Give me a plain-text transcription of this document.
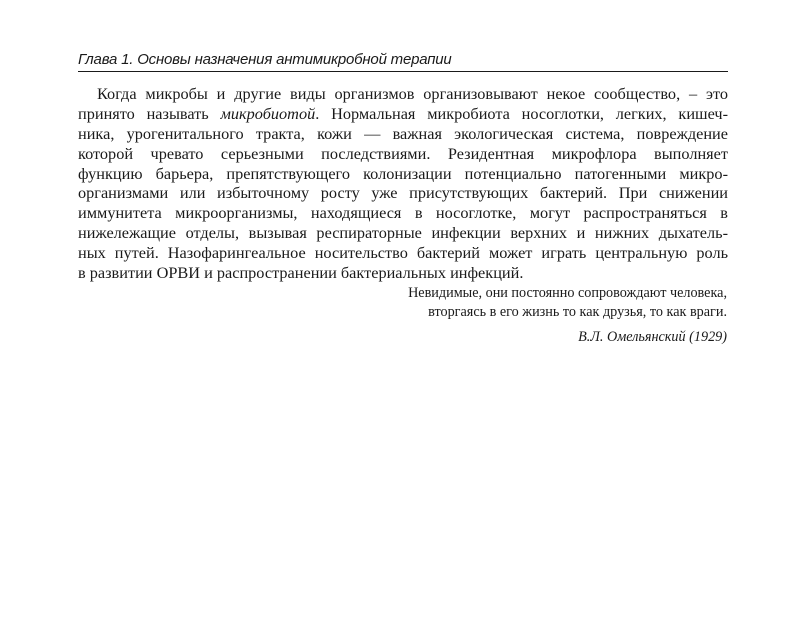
Глава 1. Основы назначения антимикробной терапии
Когда микробы и другие виды организмов организовывают некое сообщество, – это
принято называть микробиотой. Нормальная микробиота носоглотки, легких, кишеч-
ника, урогенитального тракта, кожи — важная экологическая система, повреждение
которой чревато серьезными последствиями. Резидентная микрофлора выполняет
функцию барьера, препятствующего колонизации потенциально патогенными микро-
организмами или избыточному росту уже присутствующих бактерий. При снижении
иммунитета микроорганизмы, находящиеся в носоглотке, могут распространяться в
нижележащие отделы, вызывая респираторные инфекции верхних и нижних дыхатель-
ных путей. Назофарингеальное носительство бактерий может играть центральную роль
в развитии ОРВИ и распространении бактериальных инфекций.
Невидимые, они постоянно сопровождают человека,
вторгаясь в его жизнь то как друзья, то как враги.
В.Л. Омельянский (1929)
